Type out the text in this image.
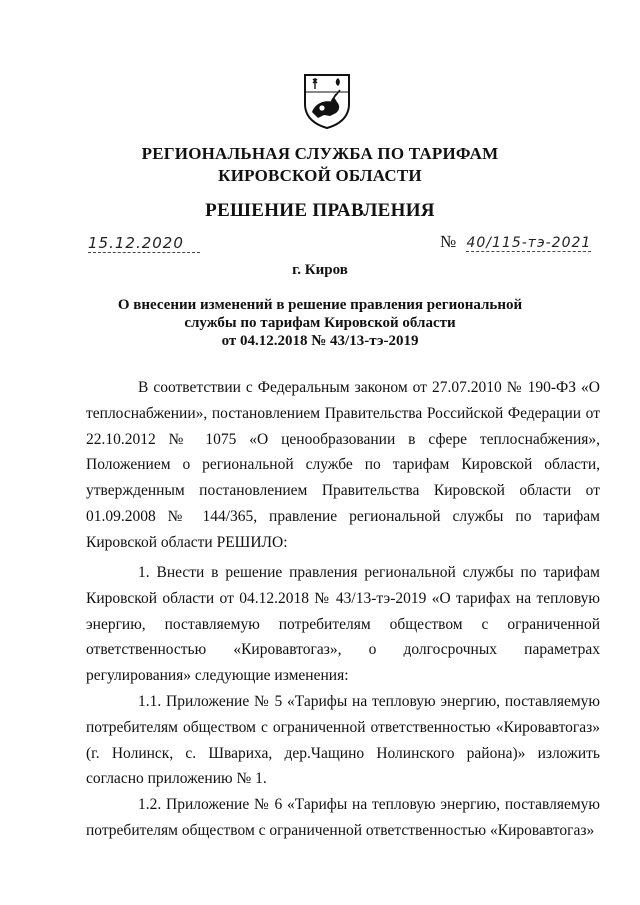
РЕГИОНАЛЬНАЯ СЛУЖБА ПО ТАРИФАМ
КИРОВСКОЙ ОБЛАСТИ
РЕШЕНИЕ ПРАВЛЕНИЯ
15.12.2020	№ 40/115-тэ-2021
г. Киров
О внесении изменений в решение правления региональной
службы по тарифам Кировской области
от 04.12.2018 № 43/13-тэ-2019
В соответствии с Федеральным законом от 27.07.2010 № 190-ФЗ «О теплоснабжении», постановлением Правительства Российской Федерации от 22.10.2012 № 1075 «О ценообразовании в сфере теплоснабжения», Положением о региональной службе по тарифам Кировской области, утвержденным постановлением Правительства Кировской области от 01.09.2008 № 144/365, правление региональной службы по тарифам Кировской области РЕШИЛО:
1. Внести в решение правления региональной службы по тарифам Кировской области от 04.12.2018 № 43/13-тэ-2019 «О тарифах на тепловую энергию, поставляемую потребителям обществом с ограниченной ответственностью «Кировавтогаз», о долгосрочных параметрах регулирования» следующие изменения:
1.1. Приложение № 5 «Тарифы на тепловую энергию, поставляемую потребителям обществом с ограниченной ответственностью «Кировавтогаз» (г. Нолинск, с. Швариха, дер.Чащино Нолинского района)» изложить согласно приложению № 1.
1.2. Приложение № 6 «Тарифы на тепловую энергию, поставляемую потребителям обществом с ограниченной ответственностью «Кировавтогаз»
